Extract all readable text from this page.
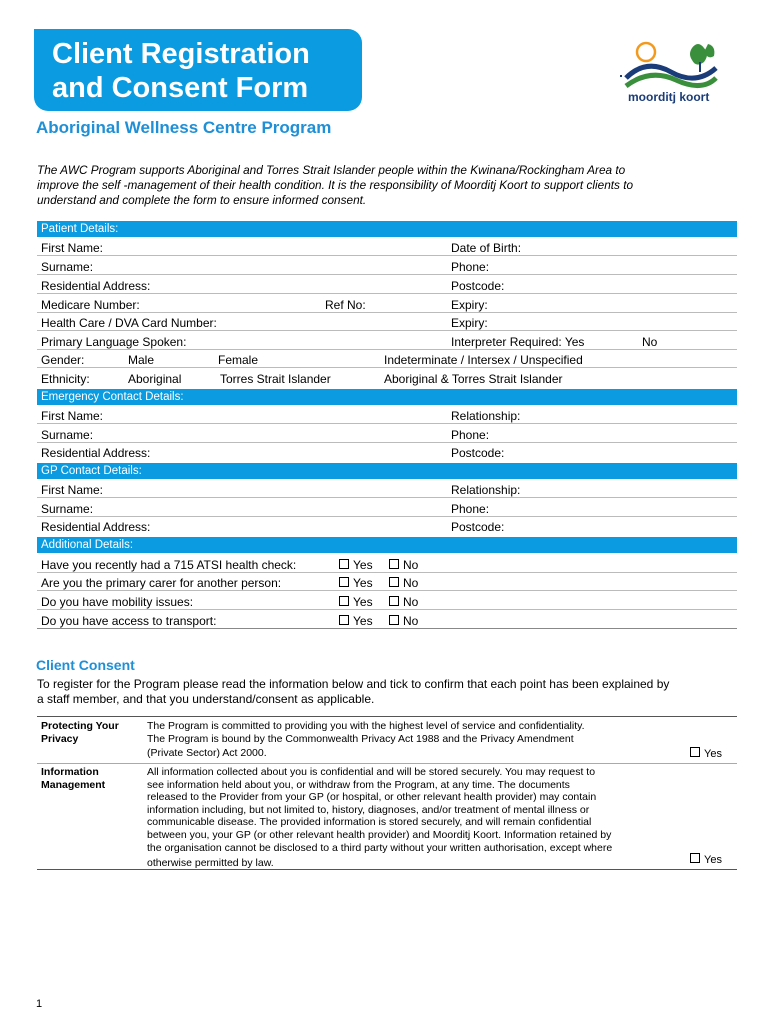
Client Registration
and Consent Form	moorditj koort
Aboriginal Wellness Centre Program

The AWC Program supports Aboriginal and Torres Strait Islander people within the Kwinana/Rockingham Area to

improve the self -management of their health condition. It is the responsibility of Moorditj Koort to support clients to

understand and complete the form to ensure informed consent.

Patient Details:
First Name:	Date of Birth:
Surname:	Phone:
Residential Address:	Postcode:
Medicare Number:	Ref No:	Expiry:
Health Care / DVA Card Number:	Expiry:
Primary Language Spoken:	Interpreter Required: Yes	No
Gender:	Male	Female	Indeterminate / Intersex / Unspecified
Ethnicity:	Aboriginal	Torres Strait Islander	Aboriginal & Torres Strait Islander
Emergency Contact Details:
First Name:	Relationship:
Surname:	Phone:
Residential Address:	Postcode:
GP Contact Details:
First Name:	Relationship:
Surname:	Phone:
Residential Address:	Postcode:
Additional Details:
Have you recently had a 715 ATSI health check:	Yes	No
Are you the primary carer for another person:	Yes	No
Do you have mobility issues:	Yes	No
Do you have access to transport:	Yes	No
Client Consent

To register for the Program please read the information below and tick to confirm that each point has been explained by

a staff member, and that you understand/consent as applicable.

Protecting Your

Privacy

The Program is committed to providing you with the highest level of service and confidentiality.

The Program is bound by the Commonwealth Privacy Act 1988 and the Privacy Amendment

(Private Sector) Act 2000.	Yes

Information

Management

All information collected about you is confidential and will be stored securely. You may request to

see information held about you, or withdraw from the Program, at any time. The documents

released to the Provider from your GP (or hospital, or other relevant health provider) may contain

information including, but not limited to, history, diagnoses, and/or treatment of mental illness or

communicable disease. The provided information is stored securely, and will remain confidential

between you, your GP (or other relevant health provider) and Moorditj Koort. Information retained by

the organisation cannot be disclosed to a third party without your written authorisation, except where

otherwise permitted by law.	Yes
1
